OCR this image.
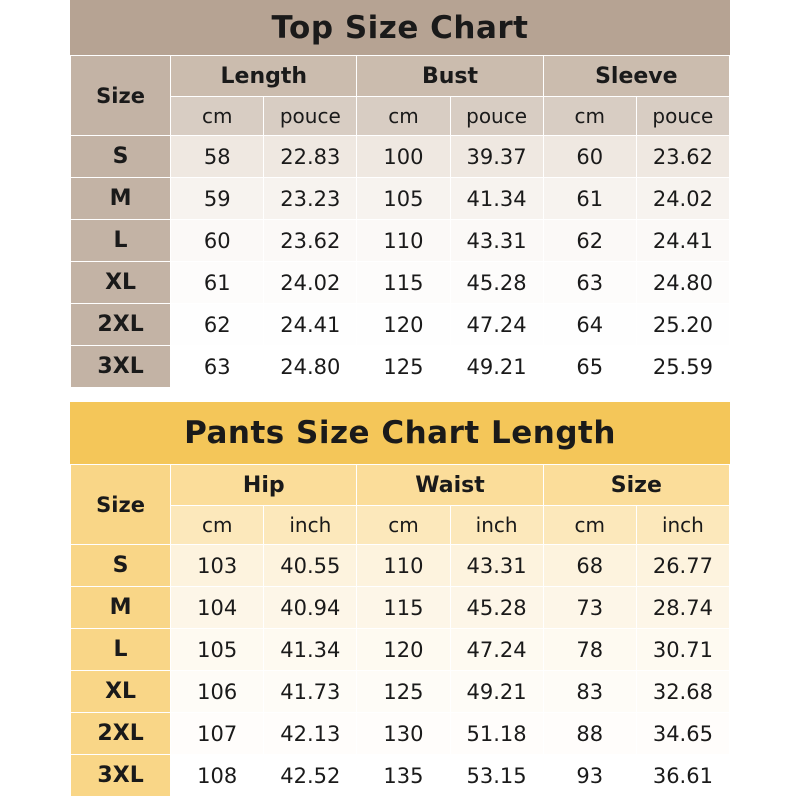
Top Size Chart
Size	Length		Bust		Sleeve	
	cm	pouce	cm	pouce	cm	pouce
S	58	22.83	100	39.37	60	23.62
M	59	23.23	105	41.34	61	24.02
L	60	23.62	110	43.31	62	24.41
XL	61	24.02	115	45.28	63	24.80
2XL	62	24.41	120	47.24	64	25.20
3XL	63	24.80	125	49.21	65	25.59
Pants Size Chart Length
Size	Hip		Waist		Size	
	cm	inch	cm	inch	cm	inch
S	103	40.55	110	43.31	68	26.77
M	104	40.94	115	45.28	73	28.74
L	105	41.34	120	47.24	78	30.71
XL	106	41.73	125	49.21	83	32.68
2XL	107	42.13	130	51.18	88	34.65
3XL	108	42.52	135	53.15	93	36.61
